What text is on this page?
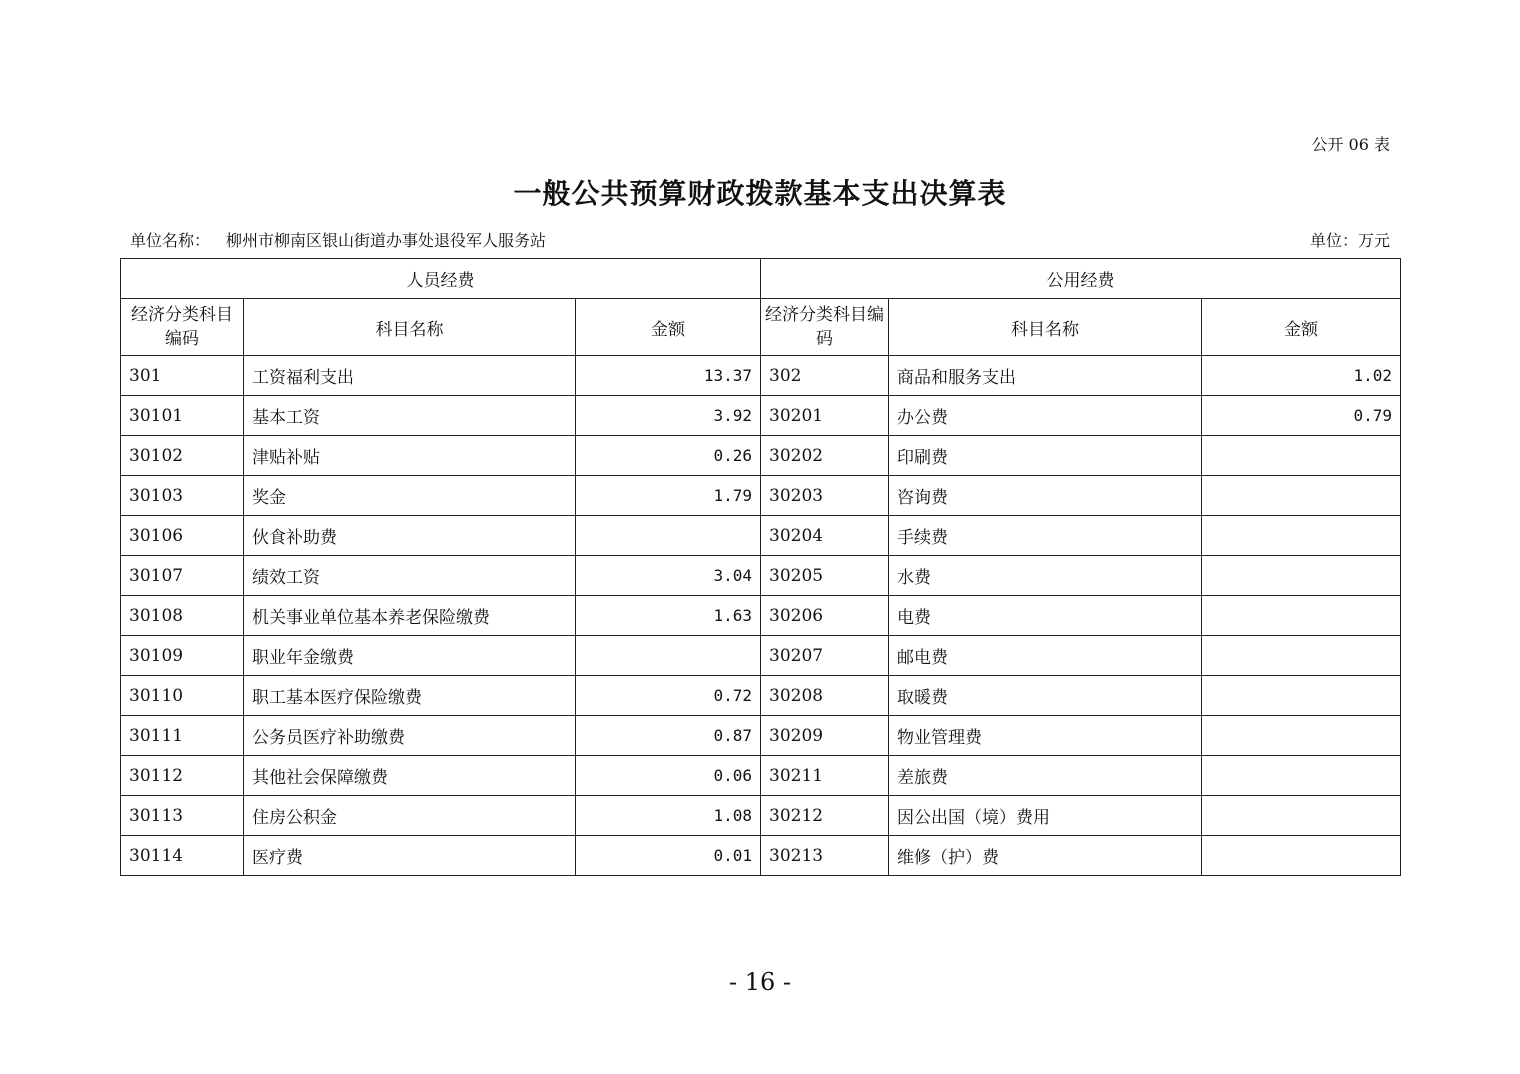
公开 06 表
一般公共预算财政拨款基本支出决算表
单位名称： 柳州市柳南区银山街道办事处退役军人服务站	单位：万元
人员经费			公用经费		
经济分类科目编码	科目名称	金额	经济分类科目编码	科目名称	金额
301	工资福利支出	13.37	302	商品和服务支出	1.02
30101	基本工资	3.92	30201	办公费	0.79
30102	津贴补贴	0.26	30202	印刷费	
30103	奖金	1.79	30203	咨询费	
30106	伙食补助费		30204	手续费	
30107	绩效工资	3.04	30205	水费	
30108	机关事业单位基本养老保险缴费	1.63	30206	电费	
30109	职业年金缴费		30207	邮电费	
30110	职工基本医疗保险缴费	0.72	30208	取暖费	
30111	公务员医疗补助缴费	0.87	30209	物业管理费	
30112	其他社会保障缴费	0.06	30211	差旅费	
30113	住房公积金	1.08	30212	因公出国（境）费用	
30114	医疗费	0.01	30213	维修（护）费	
- 16 -
